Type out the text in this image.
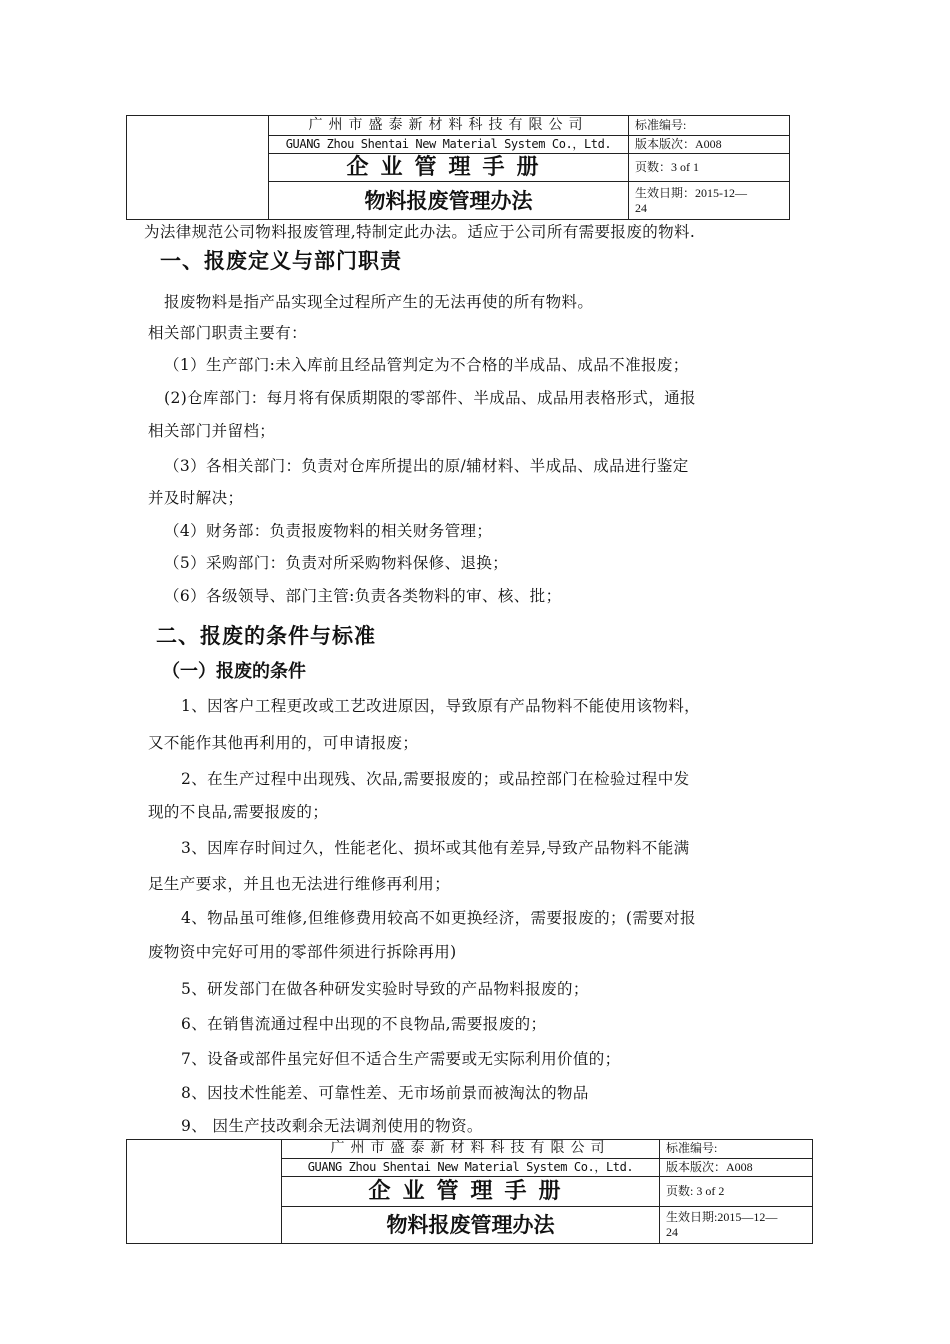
	广州市盛泰新材料科技有限公司	标准编号:
	GUANG Zhou Shentai New Material System Co.，Ltd.	版本版次：A008
	企业管理手册	页数：3 of 1
	物料报废管理办法	生效日期：2015-12—
24
为法律规范公司物料报废管理,特制定此办法。适应于公司所有需要报废的物料.
一、报废定义与部门职责
报废物料是指产品实现全过程所产生的无法再使的所有物料。
相关部门职责主要有：
（1）生产部门:未入库前且经品管判定为不合格的半成品、成品不准报废；
(2)仓库部门：每月将有保质期限的零部件、半成品、成品用表格形式，通报
相关部门并留档；
（3）各相关部门：负责对仓库所提出的原/辅材料、半成品、成品进行鉴定
并及时解决；
（4）财务部：负责报废物料的相关财务管理；
（5）采购部门：负责对所采购物料保修、退换；
（6）各级领导、部门主管:负责各类物料的审、核、批；
二、报废的条件与标准
（一）报废的条件
1、因客户工程更改或工艺改进原因，导致原有产品物料不能使用该物料，
又不能作其他再利用的，可申请报废；
2、在生产过程中出现残、次品,需要报废的；或品控部门在检验过程中发
现的不良品,需要报废的；
3、因库存时间过久，性能老化、损坏或其他有差异,导致产品物料不能满
足生产要求，并且也无法进行维修再利用；
4、物品虽可维修,但维修费用较高不如更换经济，需要报废的；(需要对报
废物资中完好可用的零部件须进行拆除再用)
5、研发部门在做各种研发实验时导致的产品物料报废的；
6、在销售流通过程中出现的不良物品,需要报废的；
7、设备或部件虽完好但不适合生产需要或无实际利用价值的；
8、因技术性能差、可靠性差、无市场前景而被淘汰的物品
9、 因生产技改剩余无法调剂使用的物资。
	广州市盛泰新材料科技有限公司	标准编号:
	GUANG Zhou Shentai New Material System Co.，Ltd.	版本版次：A008
	企业管理手册	页数: 3 of 2
	物料报废管理办法	生效日期:2015—12—
24
